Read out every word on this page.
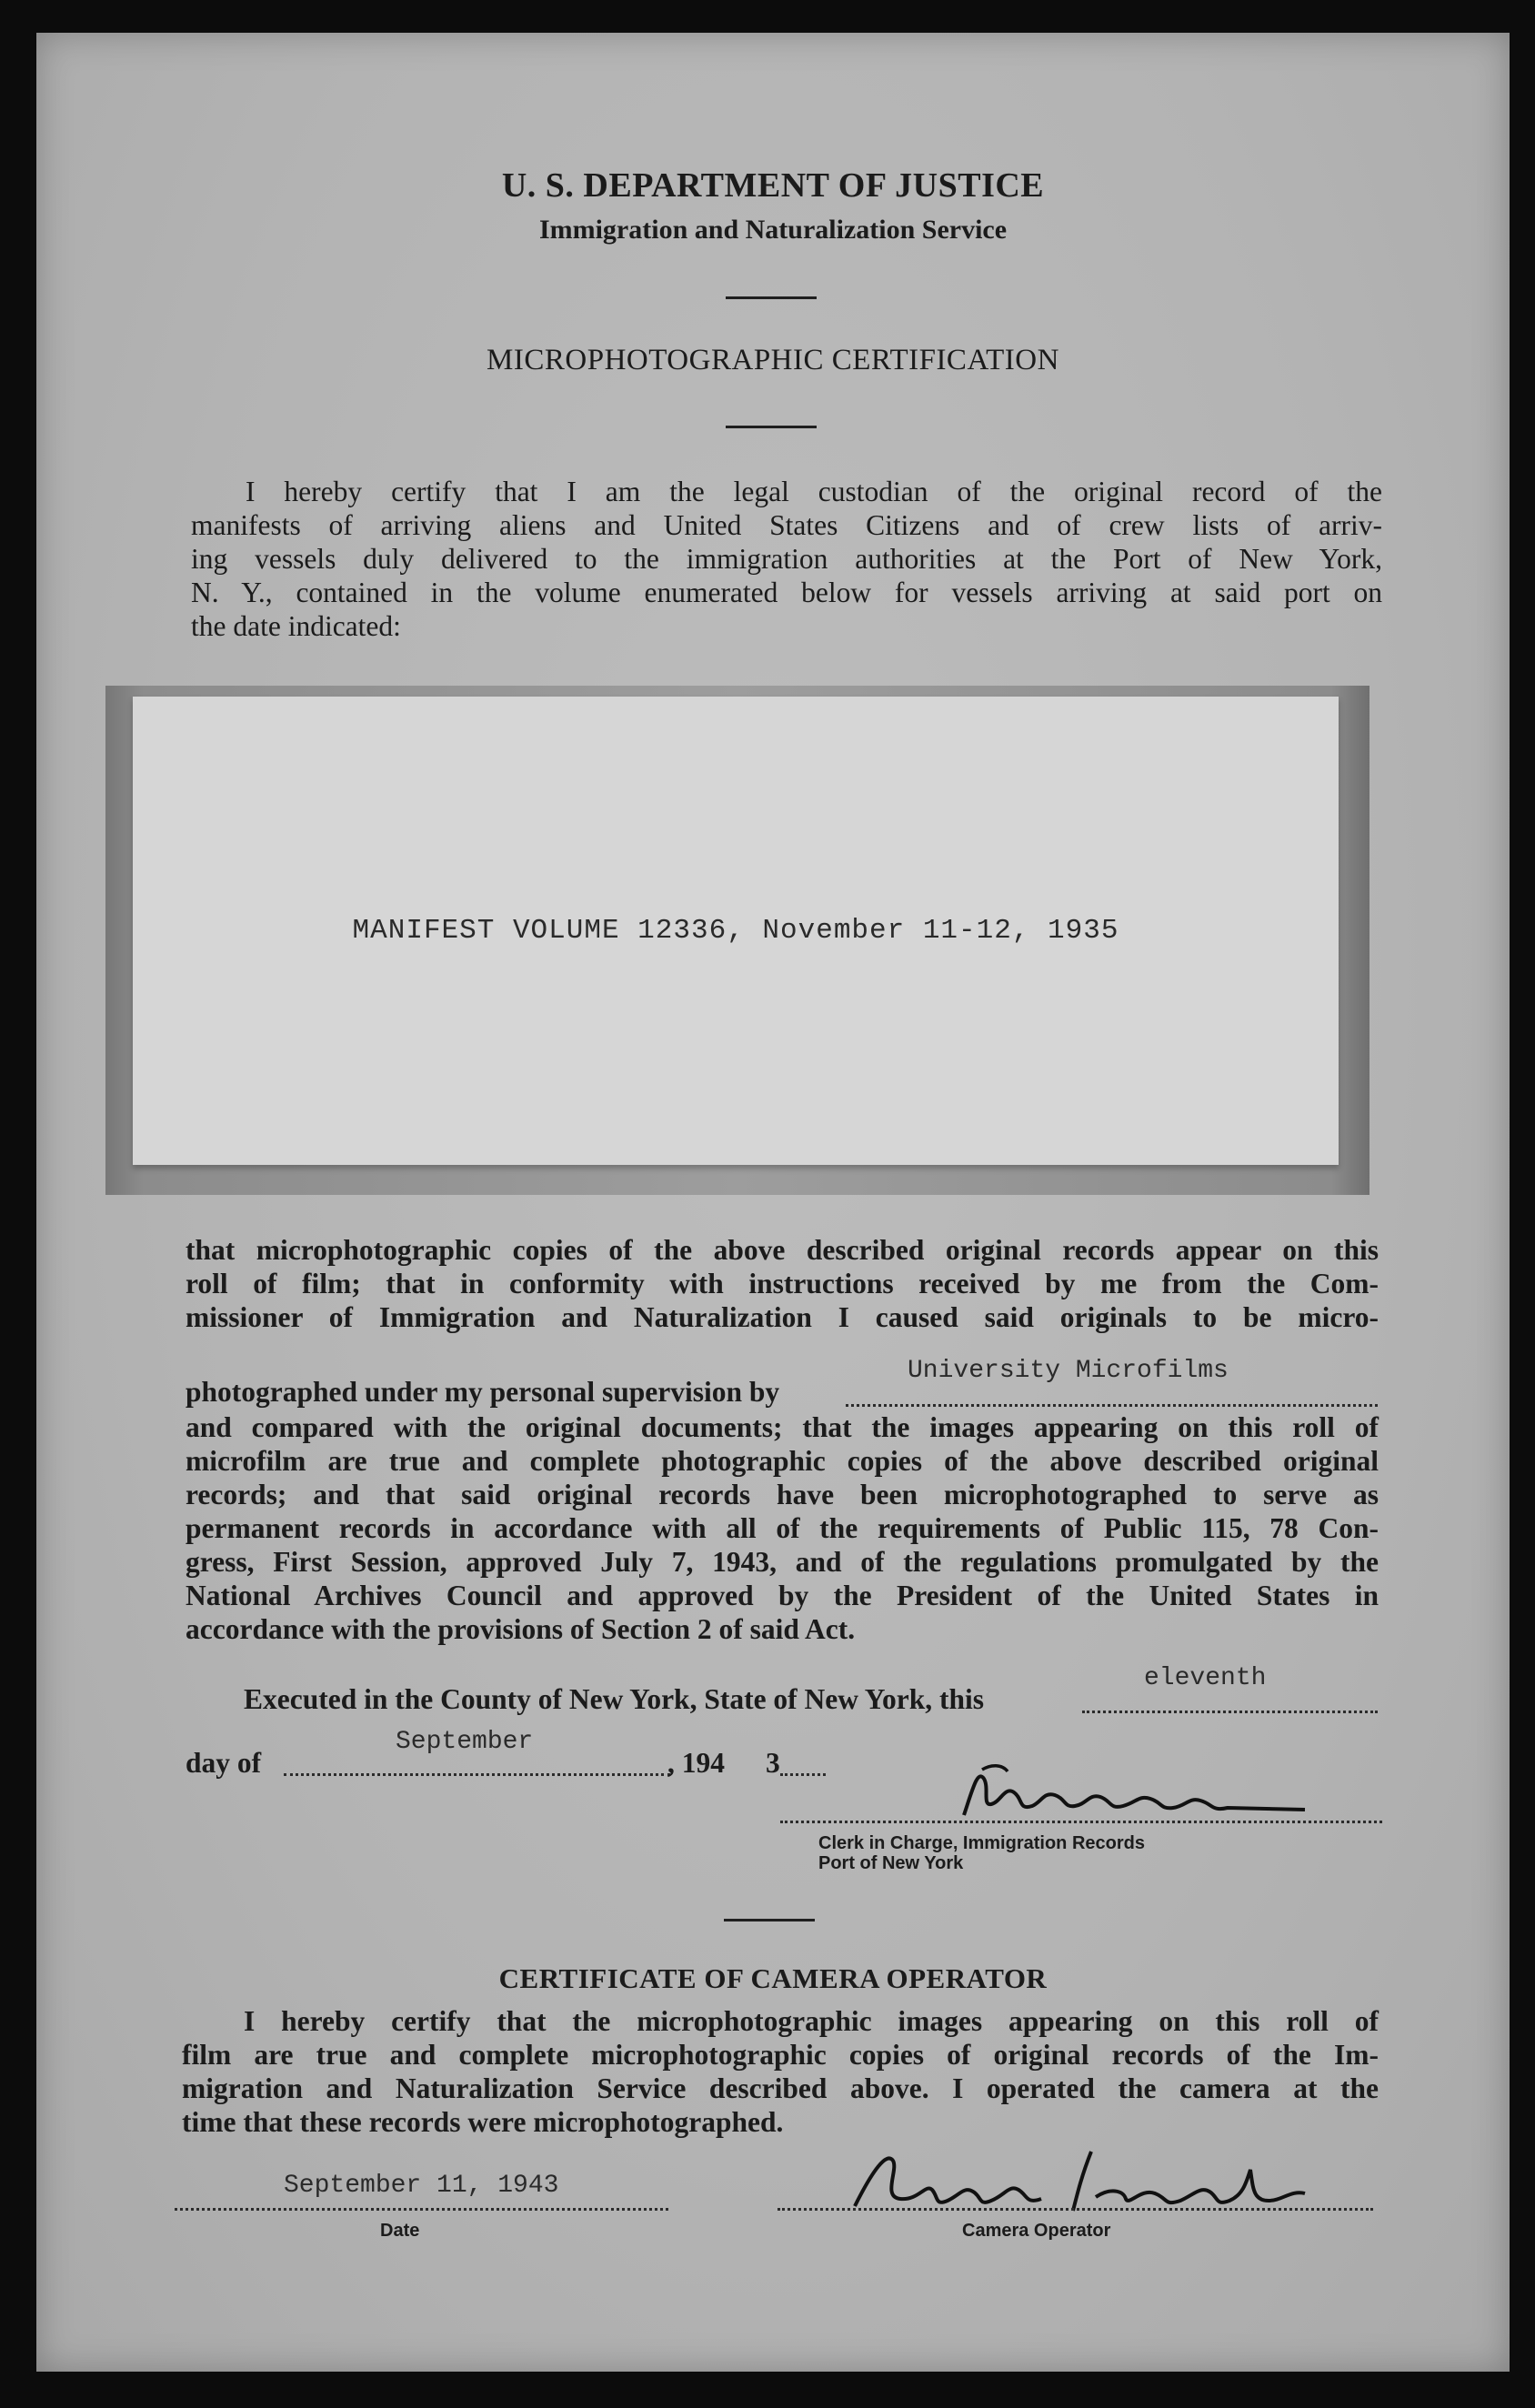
U. S. DEPARTMENT OF JUSTICE
Immigration and Naturalization Service
MICROPHOTOGRAPHIC CERTIFICATION
I hereby certify that I am the legal custodian of the original record of the
manifests of arriving aliens and United States Citizens and of crew lists of arriv-
ing vessels duly delivered to the immigration authorities at the Port of New York,
N. Y., contained in the volume enumerated below for vessels arriving at said port on
the date indicated:
MANIFEST VOLUME 12336, November 11-12, 1935
that microphotographic copies of the above described original records appear on this
roll of film; that in conformity with instructions received by me from the Com-
missioner of Immigration and Naturalization I caused said originals to be micro-
photographed under my personal supervision by
University Microfilms
and compared with the original documents; that the images appearing on this roll of
microfilm are true and complete photographic copies of the above described original
records; and that said original records have been microphotographed to serve as
permanent records in accordance with all of the requirements of Public 115, 78 Con-
gress, First Session, approved July 7, 1943, and of the regulations promulgated by the
National Archives Council and approved by the President of the United States in
accordance with the provisions of Section 2 of said Act.
Executed in the County of New York, State of New York, this
eleventh
day of
September
, 194 3
Clerk in Charge, Immigration Records
Port of New York
CERTIFICATE OF CAMERA OPERATOR
I hereby certify that the microphotographic images appearing on this roll of
film are true and complete microphotographic copies of original records of the Im-
migration and Naturalization Service described above. I operated the camera at the
time that these records were microphotographed.
September 11, 1943
Date	Camera Operator
